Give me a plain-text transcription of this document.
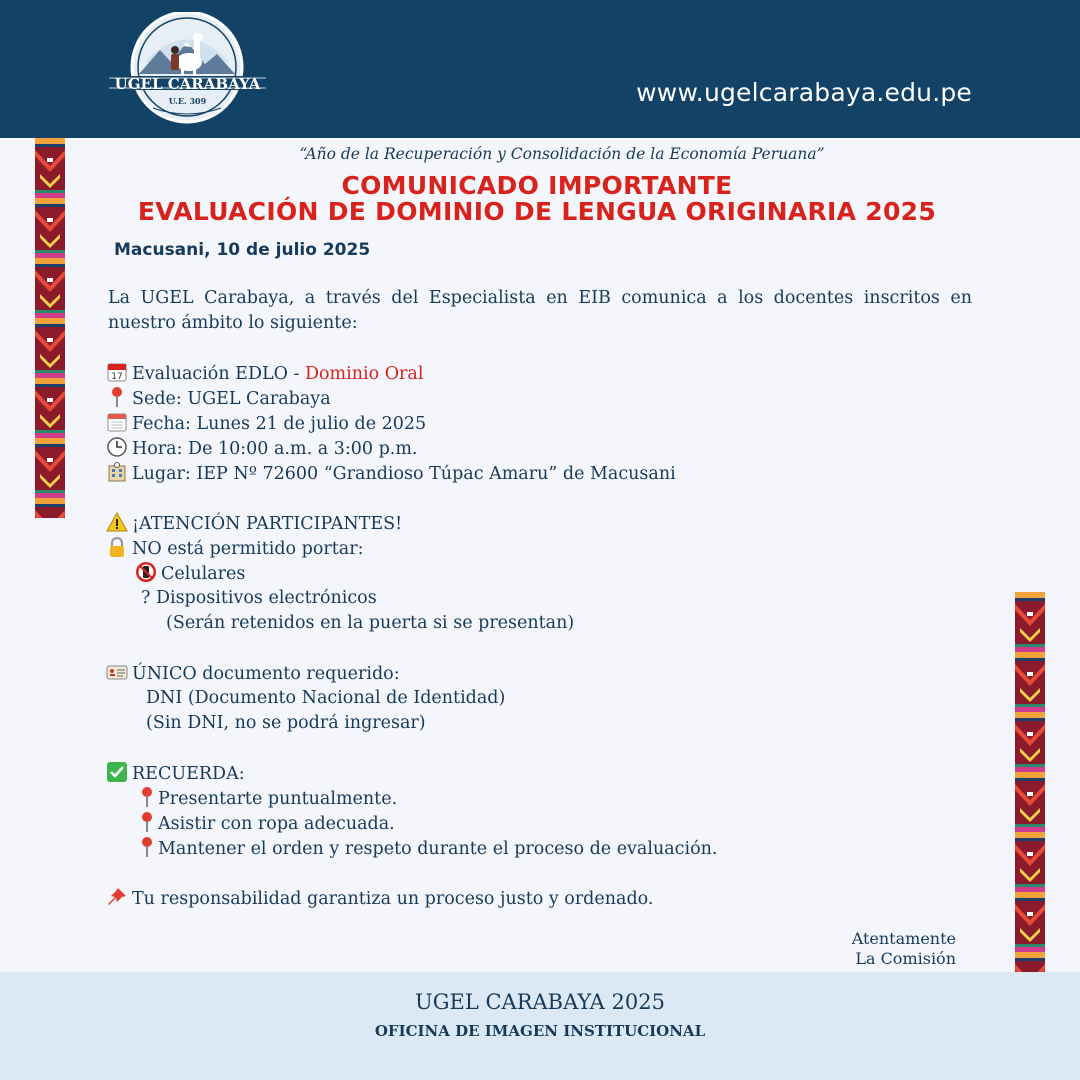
UGEL CARABAYA
U.E. 309	www.ugelcarabaya.edu.pe
“Año de la Recuperación y Consolidación de la Economía Peruana”
COMUNICADO IMPORTANTE
EVALUACIÓN DE DOMINIO DE LENGUA ORIGINARIA 2025
Macusani, 10 de julio 2025
La UGEL Carabaya, a través del Especialista en EIB comunica a los docentes inscritos en nuestro ámbito lo siguiente:
17 Evaluación EDLO - Dominio Oral
Sede: UGEL Carabaya
Fecha: Lunes 21 de julio de 2025
Hora: De 10:00 a.m. a 3:00 p.m.
Lugar: IEP Nº 72600 “Grandioso Túpac Amaru” de Macusani
¡ATENCIÓN PARTICIPANTES!
NO está permitido portar:
Celulares
? Dispositivos electrónicos
(Serán retenidos en la puerta si se presentan)
ÚNICO documento requerido:
DNI (Documento Nacional de Identidad)
(Sin DNI, no se podrá ingresar)
RECUERDA:
Presentarte puntualmente.
Asistir con ropa adecuada.
Mantener el orden y respeto durante el proceso de evaluación.
Tu responsabilidad garantiza un proceso justo y ordenado.
Atentamente
La Comisión
UGEL CARABAYA 2025
OFICINA DE IMAGEN INSTITUCIONAL
